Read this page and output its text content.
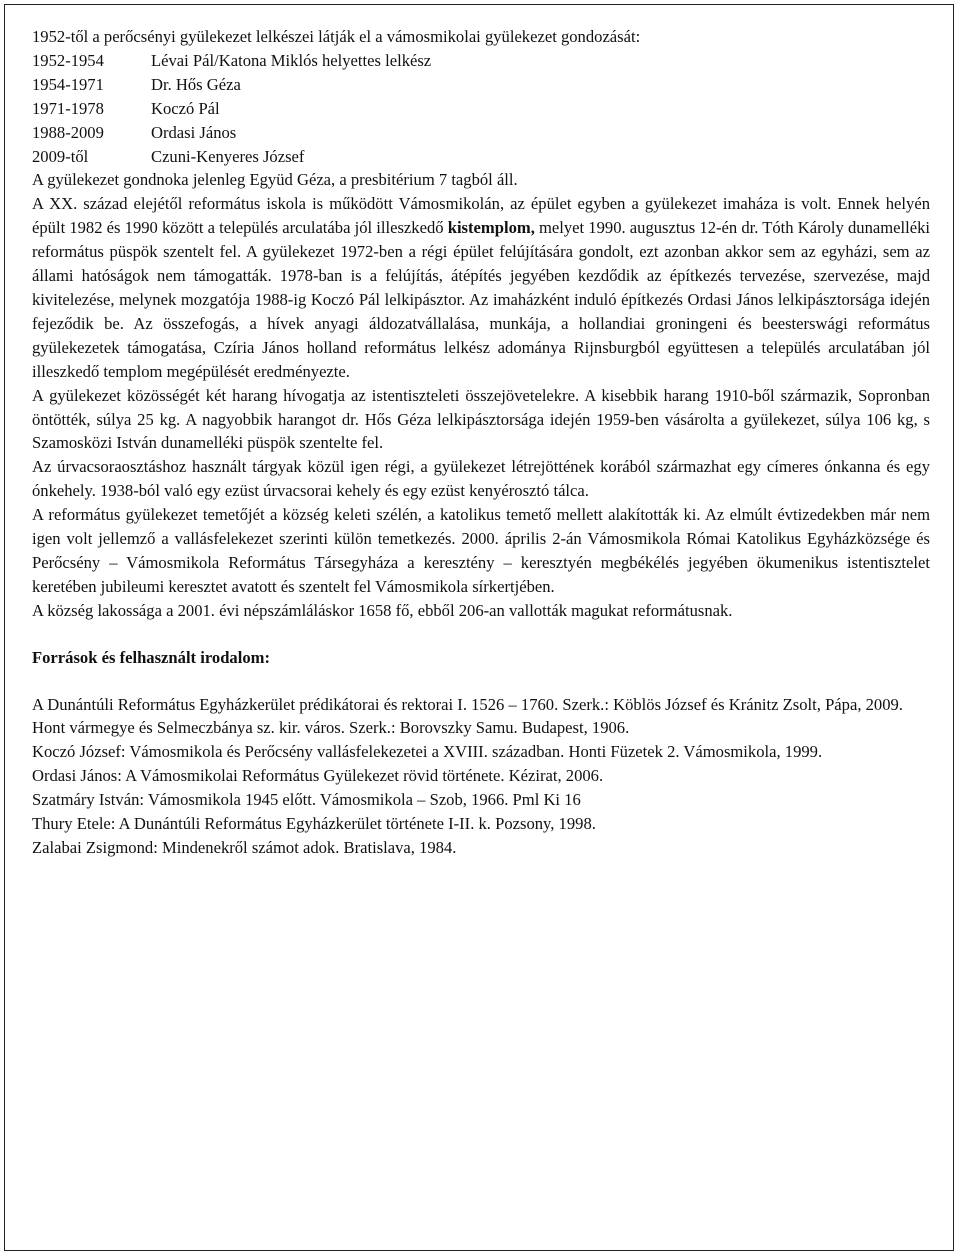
1952-től a perőcsényi gyülekezet lelkészei látják el a vámosmikolai gyülekezet gondozását:
1952-1954	Lévai Pál/Katona Miklós helyettes lelkész
1954-1971	Dr. Hős Géza
1971-1978	Koczó Pál
1988-2009	Ordasi János
2009-től	Czuni-Kenyeres József
A gyülekezet gondnoka jelenleg Együd Géza, a presbitérium 7 tagból áll.
A XX. század elejétől református iskola is működött Vámosmikolán, az épület egyben a gyülekezet imaháza is volt. Ennek helyén épült 1982 és 1990 között a település arculatába jól illeszkedő kistemplom, melyet 1990. augusztus 12-én dr. Tóth Károly dunamelléki református püspök szentelt fel. A gyülekezet 1972-ben a régi épület felújítására gondolt, ezt azonban akkor sem az egyházi, sem az állami hatóságok nem támogatták. 1978-ban is a felújítás, átépítés jegyében kezdődik az építkezés tervezése, szervezése, majd kivitelezése, melynek mozgatója 1988-ig Koczó Pál lelkipásztor. Az imaházként induló építkezés Ordasi János lelkipásztorsága idején fejeződik be. Az összefogás, a hívek anyagi áldozatvállalása, munkája, a hollandiai groningeni és beesterswági református gyülekezetek támogatása, Czíria János holland református lelkész adománya Rijnsburgból együttesen a település arculatában jól illeszkedő templom megépülését eredményezte.
A gyülekezet közösségét két harang hívogatja az istentiszteleti összejövetelekre. A kisebbik harang 1910-ből származik, Sopronban öntötték, súlya 25 kg. A nagyobbik harangot dr. Hős Géza lelkipásztorsága idején 1959-ben vásárolta a gyülekezet, súlya 106 kg, s Szamosközi István dunamelléki püspök szentelte fel.
Az úrvacsoraosztáshoz használt tárgyak közül igen régi, a gyülekezet létrejöttének korából származhat egy címeres ónkanna és egy ónkehely. 1938-ból való egy ezüst úrvacsorai kehely és egy ezüst kenyérosztó tálca.
A református gyülekezet temetőjét a község keleti szélén, a katolikus temető mellett alakították ki. Az elmúlt évtizedekben már nem igen volt jellemző a vallásfelekezet szerinti külön temetkezés. 2000. április 2-án Vámosmikola Római Katolikus Egyházközsége és Perőcsény – Vámosmikola Református Társegyháza a keresztény – keresztyén megbékélés jegyében ökumenikus istentisztelet keretében jubileumi keresztet avatott és szentelt fel Vámosmikola sírkertjében.
A község lakossága a 2001. évi népszámláláskor 1658 fő, ebből 206-an vallották magukat reformátusnak.
Források és felhasznált irodalom:
A Dunántúli Református Egyházkerület prédikátorai és rektorai I. 1526 – 1760. Szerk.: Köblös József és Kránitz Zsolt, Pápa, 2009.
Hont vármegye és Selmeczbánya sz. kir. város. Szerk.: Borovszky Samu. Budapest, 1906.
Koczó József: Vámosmikola és Perőcsény vallásfelekezetei a XVIII. században. Honti Füzetek 2. Vámosmikola, 1999.
Ordasi János: A Vámosmikolai Református Gyülekezet rövid története. Kézirat, 2006.
Szatmáry István: Vámosmikola 1945 előtt. Vámosmikola – Szob, 1966. Pml Ki 16
Thury Etele: A Dunántúli Református Egyházkerület története I-II. k. Pozsony, 1998.
Zalabai Zsigmond: Mindenekről számot adok. Bratislava, 1984.
